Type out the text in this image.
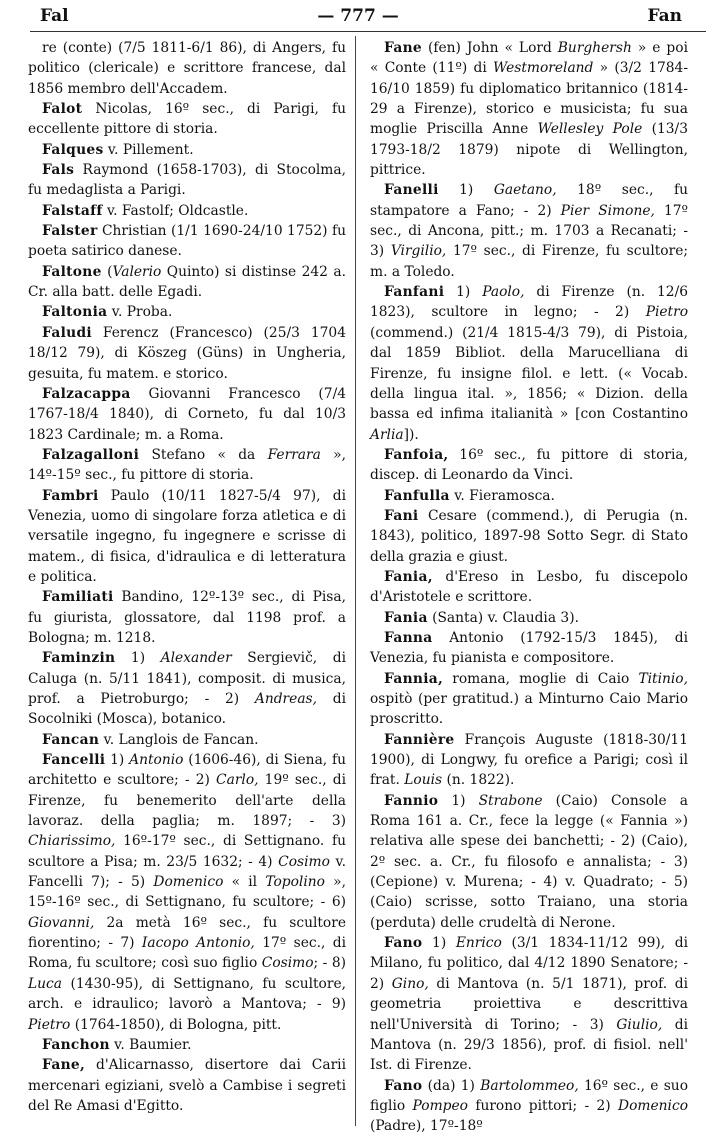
Fal	— 777 —	Fan

re (conte) (7/5 1811-6/1 86), di Angers, fu politico (clericale) e scrittore francese, dal 1856 membro dell'Accadem.

Falot Nicolas, 16º sec., di Parigi, fu eccellente pittore di storia.

Falques v. Pillement.

Fals Raymond (1658-1703), di Stocolma, fu medaglista a Parigi.

Falstaff v. Fastolf; Oldcastle.

Falster Christian (1/1 1690-24/10 1752) fu poeta satirico danese.

Faltone (Valerio Quinto) si distinse 242 a. Cr. alla batt. delle Egadi.

Faltonia v. Proba.

Faludi Ferencz (Francesco) (25/3 1704 18/12 79), di Köszeg (Güns) in Ungheria, gesuita, fu matem. e storico.

Falzacappa Giovanni Francesco (7/4 1767-18/4 1840), di Corneto, fu dal 10/3 1823 Cardinale; m. a Roma.

Falzagalloni Stefano « da Ferrara », 14º-15º sec., fu pittore di storia.

Fambri Paulo (10/11 1827-5/4 97), di Venezia, uomo di singolare forza atletica e di versatile ingegno, fu ingegnere e scrisse di matem., di fisica, d'idraulica e di letteratura e politica.

Familiati Bandino, 12º-13º sec., di Pisa, fu giurista, glossatore, dal 1198 prof. a Bologna; m. 1218.

Faminzin 1) Alexander Sergievič, di Caluga (n. 5/11 1841), composit. di musica, prof. a Pietroburgo; - 2) Andreas, di Socolniki (Mosca), botanico.

Fancan v. Langlois de Fancan.

Fancelli 1) Antonio (1606-46), di Siena, fu architetto e scultore; - 2) Carlo, 19º sec., di Firenze, fu benemerito dell'arte della lavoraz. della paglia; m. 1897; - 3) Chiarissimo, 16º-17º sec., di Settignano. fu scultore a Pisa; m. 23/5 1632; - 4) Cosimo v. Fancelli 7); - 5) Domenico « il Topolino », 15º-16º sec., di Settignano, fu scultore; - 6) Giovanni, 2a metà 16º sec., fu scultore fiorentino; - 7) Iacopo Antonio, 17º sec., di Roma, fu scultore; così suo figlio Cosimo; - 8) Luca (1430-95), di Settignano, fu scultore, arch. e idraulico; lavorò a Mantova; - 9) Pietro (1764-1850), di Bologna, pitt.

Fanchon v. Baumier.

Fane, d'Alicarnasso, disertore dai Carii mercenari egiziani, svelò a Cambise i segreti del Re Amasi d'Egitto.

Fane (fen) John « Lord Burghersh » e poi « Conte (11º) di Westmoreland » (3/2 1784-16/10 1859) fu diplomatico britannico (1814-29 a Firenze), storico e musicista; fu sua moglie Priscilla Anne Wellesley Pole (13/3 1793-18/2 1879) nipote di Wellington, pittrice.

Fanelli 1) Gaetano, 18º sec., fu stampatore a Fano; - 2) Pier Simone, 17º sec., di Ancona, pitt.; m. 1703 a Recanati; - 3) Virgilio, 17º sec., di Firenze, fu scultore; m. a Toledo.

Fanfani 1) Paolo, di Firenze (n. 12/6 1823), scultore in legno; - 2) Pietro (commend.) (21/4 1815-4/3 79), di Pistoia, dal 1859 Bibliot. della Marucelliana di Firenze, fu insigne filol. e lett. (« Vocab. della lingua ital. », 1856; « Dizion. della bassa ed infima italianità » [con Costantino Arlia]).

Fanfoia, 16º sec., fu pittore di storia, discep. di Leonardo da Vinci.

Fanfulla v. Fieramosca.

Fani Cesare (commend.), di Perugia (n. 1843), politico, 1897-98 Sotto Segr. di Stato della grazia e giust.

Fania, d'Ereso in Lesbo, fu discepolo d'Aristotele e scrittore.

Fania (Santa) v. Claudia 3).

Fanna Antonio (1792-15/3 1845), di Venezia, fu pianista e compositore.

Fannia, romana, moglie di Caio Titinio, ospitò (per gratitud.) a Minturno Caio Mario proscritto.

Fannière François Auguste (1818-30/11 1900), di Longwy, fu orefice a Parigi; così il frat. Louis (n. 1822).

Fannio 1) Strabone (Caio) Console a Roma 161 a. Cr., fece la legge (« Fannia ») relativa alle spese dei banchetti; - 2) (Caio), 2º sec. a. Cr., fu filosofo e annalista; - 3) (Cepione) v. Murena; - 4) v. Quadrato; - 5) (Caio) scrisse, sotto Traiano, una storia (perduta) delle crudeltà di Nerone.

Fano 1) Enrico (3/1 1834-11/12 99), di Milano, fu politico, dal 4/12 1890 Senatore; - 2) Gino, di Mantova (n. 5/1 1871), prof. di geometria proiettiva e descrittiva nell'Università di Torino; - 3) Giulio, di Mantova (n. 29/3 1856), prof. di fisiol. nell' Ist. di Firenze.

Fano (da) 1) Bartolommeo, 16º sec., e suo figlio Pompeo furono pittori; - 2) Domenico (Padre), 17º-18º
